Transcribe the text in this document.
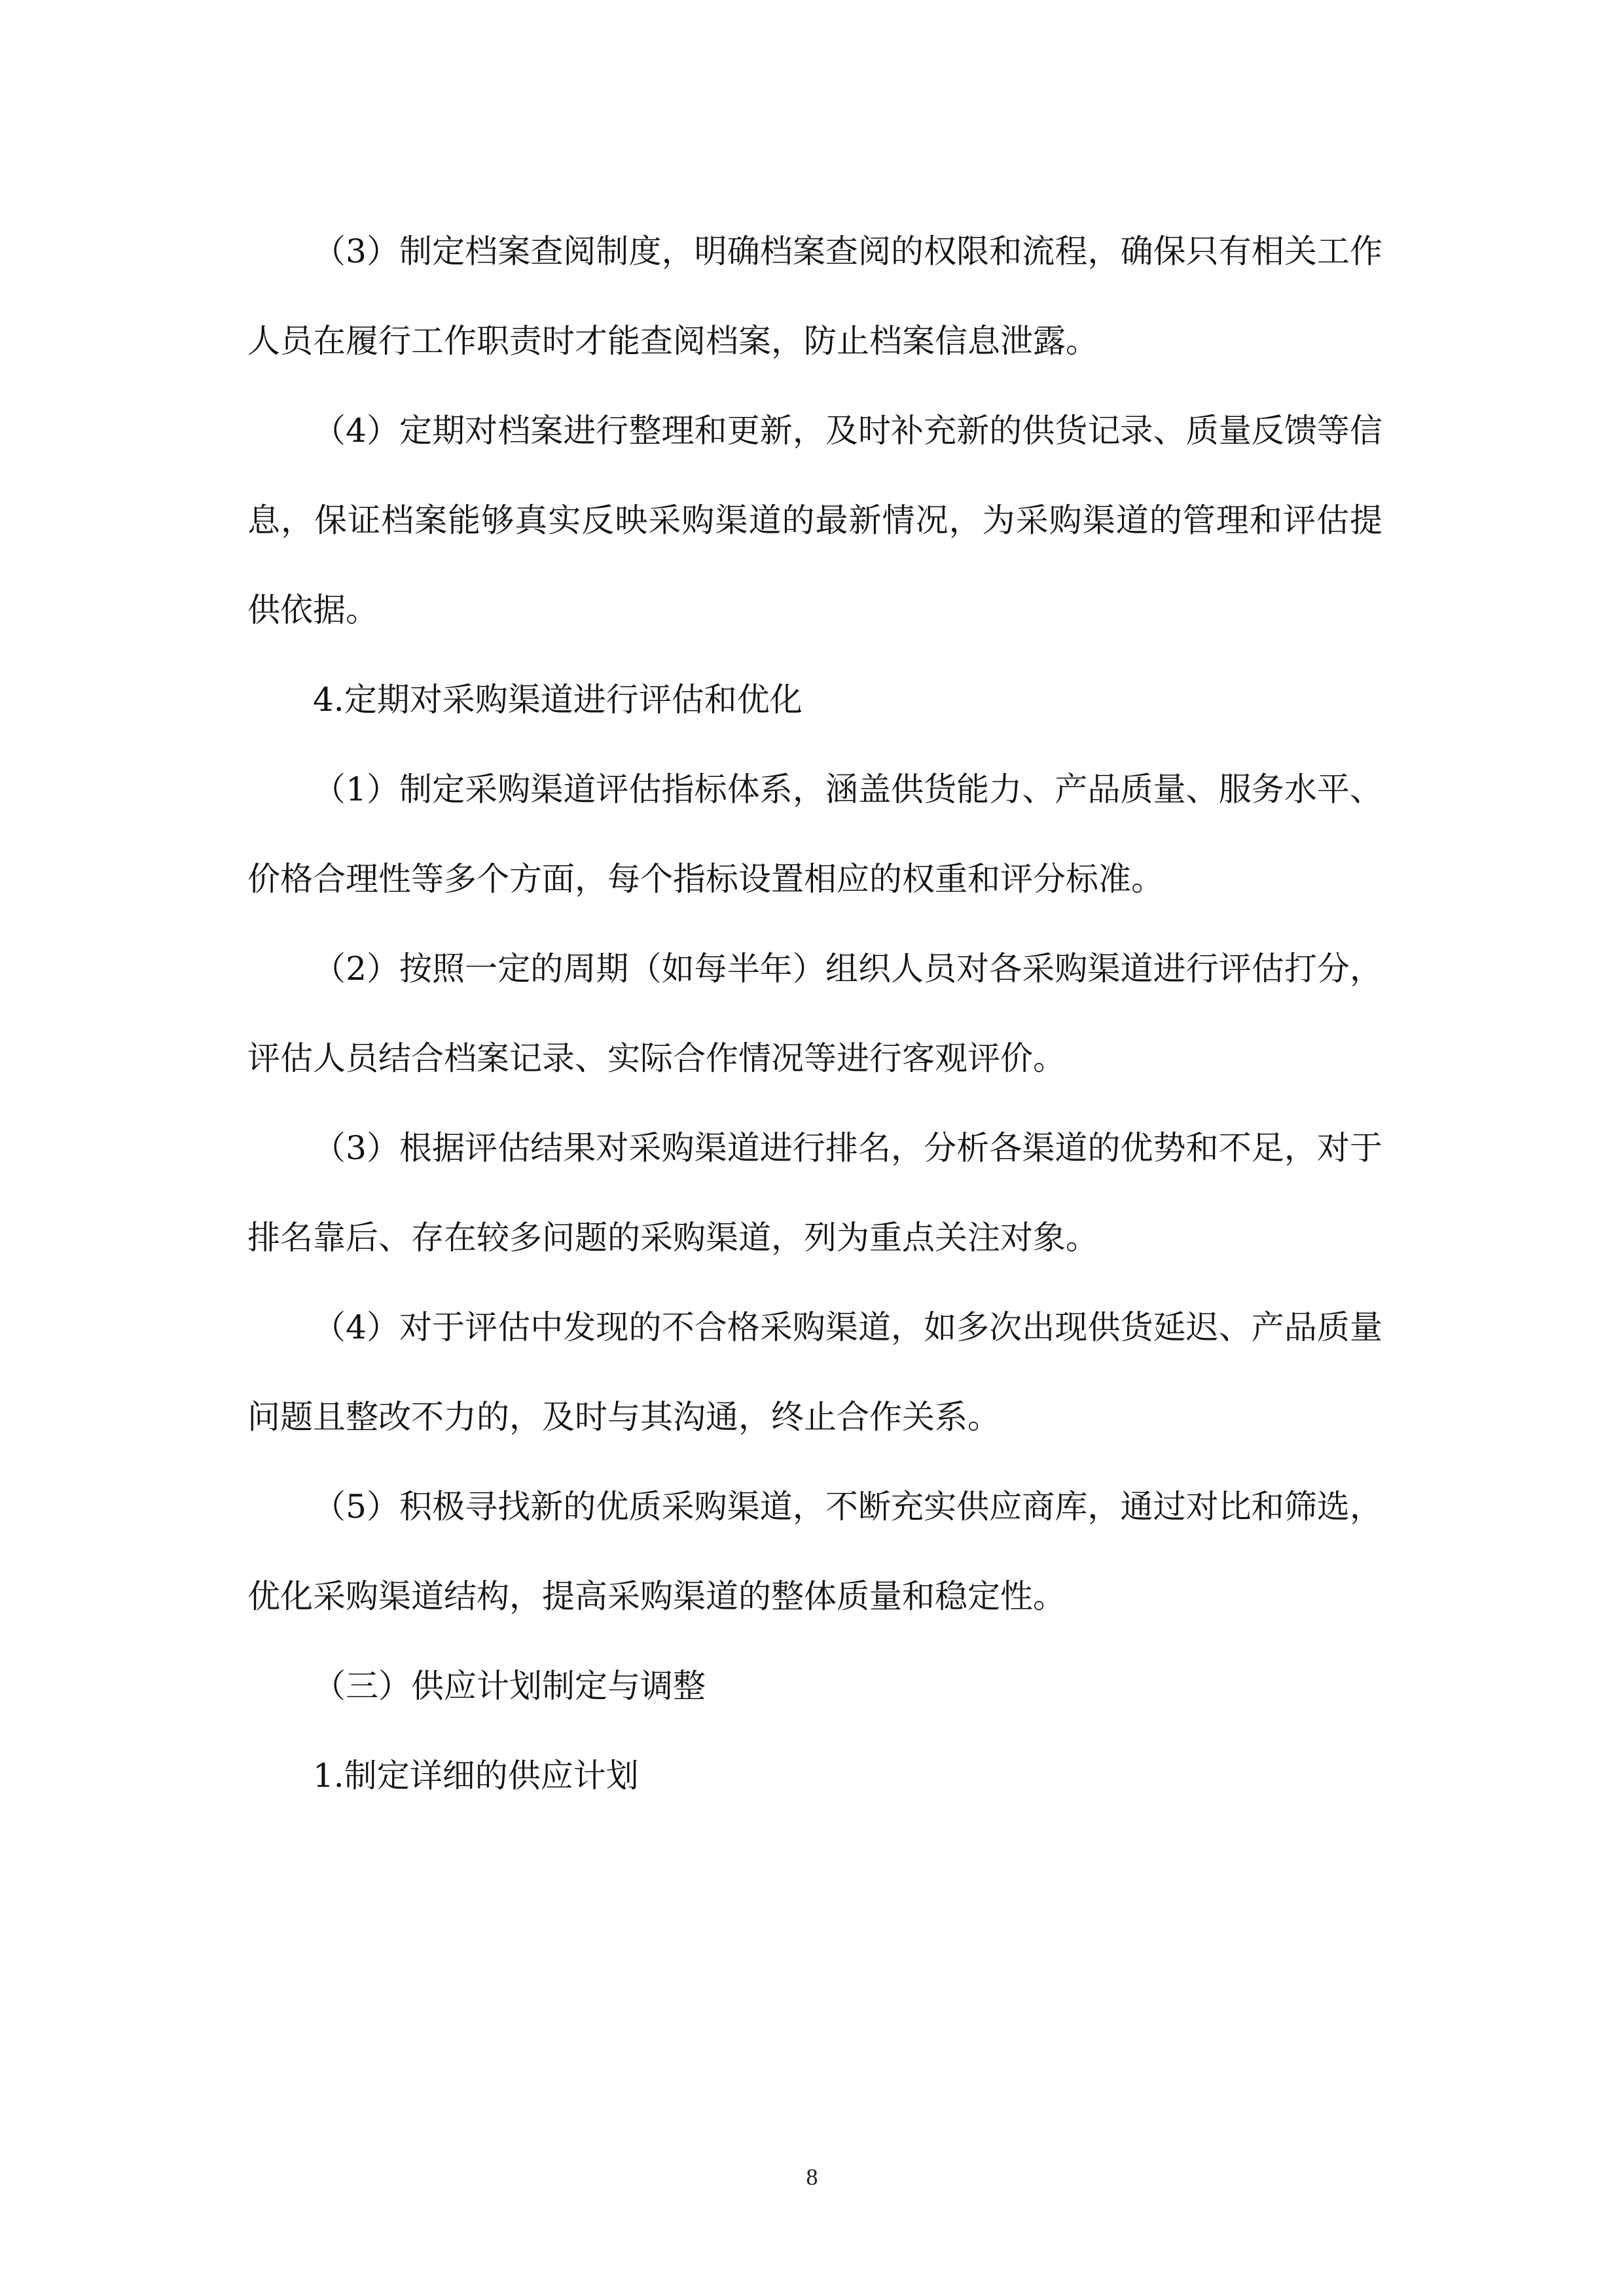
（3）制定档案查阅制度，明确档案查阅的权限和流程，确保只有相关工作人员在履行工作职责时才能查阅档案，防止档案信息泄露。

（4）定期对档案进行整理和更新，及时补充新的供货记录、质量反馈等信息，保证档案能够真实反映采购渠道的最新情况，为采购渠道的管理和评估提供依据。

4.定期对采购渠道进行评估和优化

（1）制定采购渠道评估指标体系，涵盖供货能力、产品质量、服务水平、价格合理性等多个方面，每个指标设置相应的权重和评分标准。

（2）按照一定的周期（如每半年）组织人员对各采购渠道进行评估打分，评估人员结合档案记录、实际合作情况等进行客观评价。

（3）根据评估结果对采购渠道进行排名，分析各渠道的优势和不足，对于排名靠后、存在较多问题的采购渠道，列为重点关注对象。

（4）对于评估中发现的不合格采购渠道，如多次出现供货延迟、产品质量问题且整改不力的，及时与其沟通，终止合作关系。

（5）积极寻找新的优质采购渠道，不断充实供应商库，通过对比和筛选，优化采购渠道结构，提高采购渠道的整体质量和稳定性。

（三）供应计划制定与调整

1.制定详细的供应计划

8
